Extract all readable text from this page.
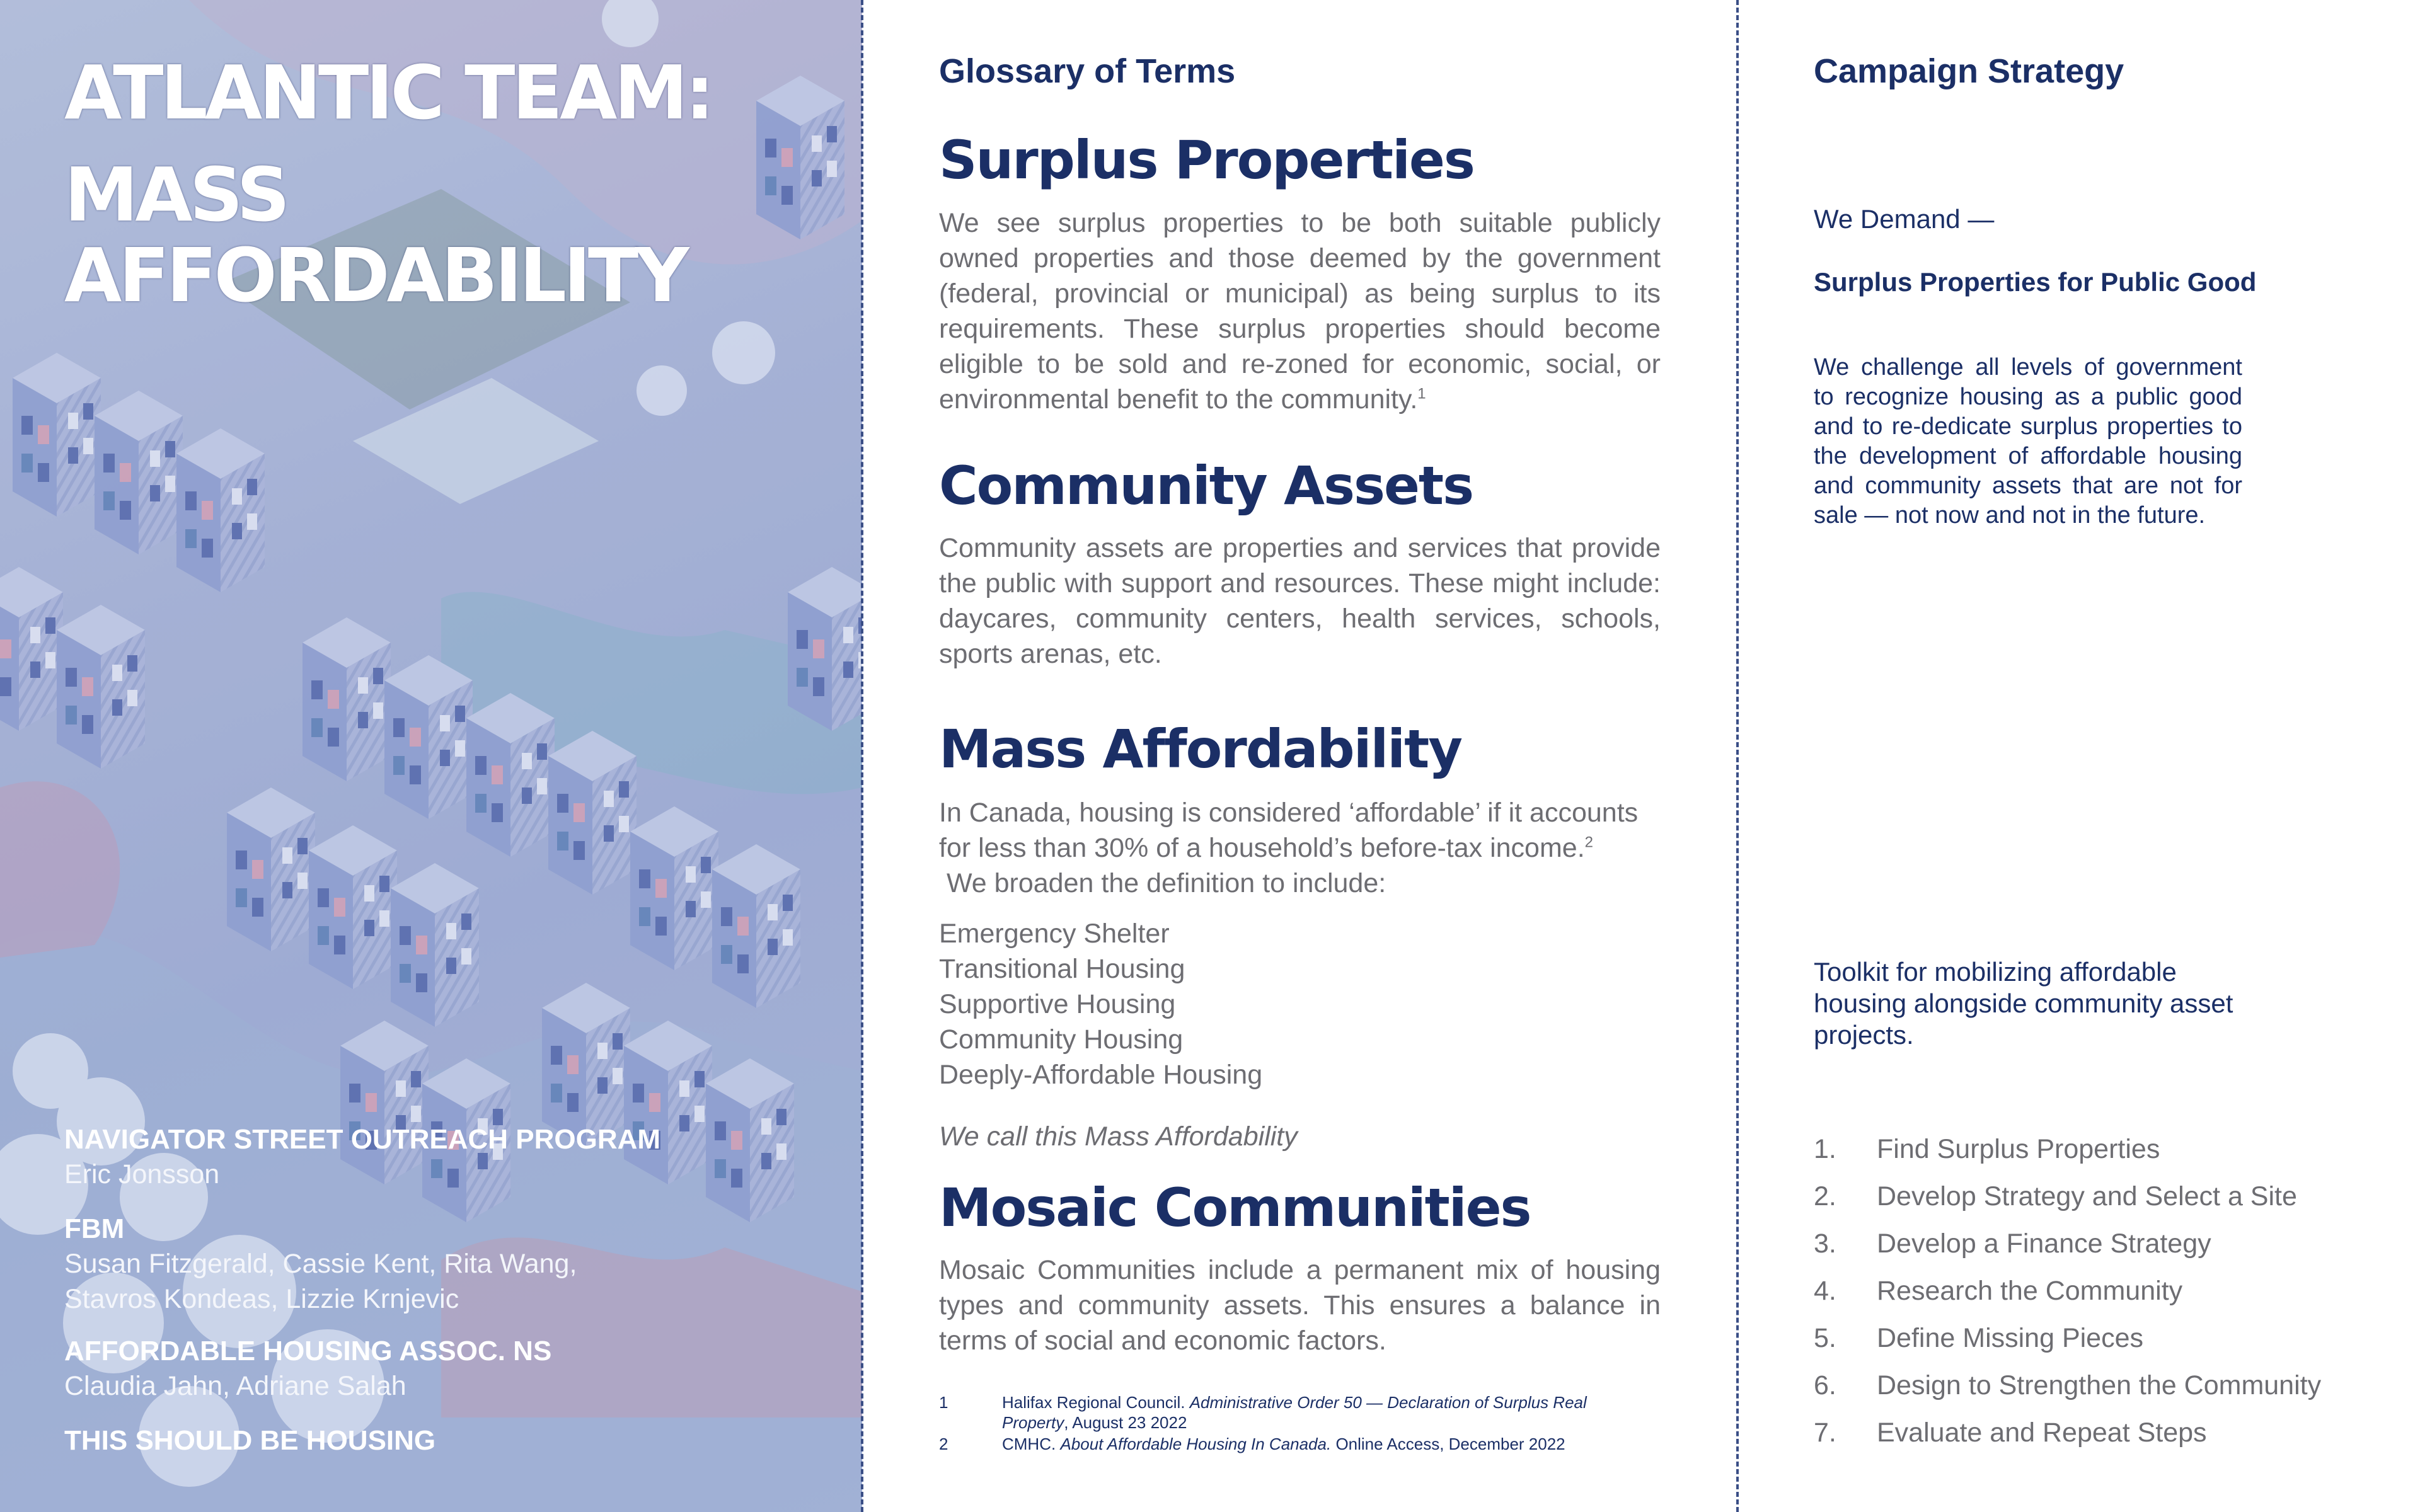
ATLANTIC TEAM:
MASS
AFFORDABILITY
NAVIGATOR STREET OUTREACH PROGRAM
Eric Jonsson
FBM
Susan Fitzgerald, Cassie Kent, Rita Wang,
Stavros Kondeas, Lizzie Krnjevic
AFFORDABLE HOUSING ASSOC. NS
Claudia Jahn, Adriane Salah
THIS SHOULD BE HOUSING
Glossary of Terms
Surplus Properties
We see surplus properties to be both suitable publicly owned properties and those deemed by the government (federal, provincial or municipal) as being surplus to its requirements. These surplus properties should become eligible to be sold and re-zoned for economic, social, or environmental benefit to the community.$^1$
Community Assets
Community assets are properties and services that provide the public with support and resources. These might include: daycares, community centers, health services, schools, sports arenas, etc.
Mass Affordability
In Canada, housing is considered ‘affordable’ if it accounts
for less than 30% of a household’s before-tax income.$^2$
We broaden the definition to include:
Emergency Shelter
Transitional Housing
Supportive Housing
Community Housing
Deeply-Affordable Housing
We call this Mass Affordability
Mosaic Communities
Mosaic Communities include a permanent mix of housing types and community assets. This ensures a balance in terms of social and economic factors.
1	Halifax Regional Council. Administrative Order 50 — Declaration of Surplus Real Property, August 23 2022
2	CMHC. About Affordable Housing In Canada. Online Access, December 2022
Campaign Strategy
We Demand —
Surplus Properties for Public Good
We challenge all levels of government to recognize housing as a public good and to re-dedicate surplus properties to the development of affordable housing and community assets that are not for sale — not now and not in the future.
Toolkit for mobilizing affordable housing alongside community asset projects.
1. Find Surplus Properties
2. Develop Strategy and Select a Site
3. Develop a Finance Strategy
4. Research the Community
5. Define Missing Pieces
6. Design to Strengthen the Community
7. Evaluate and Repeat Steps
